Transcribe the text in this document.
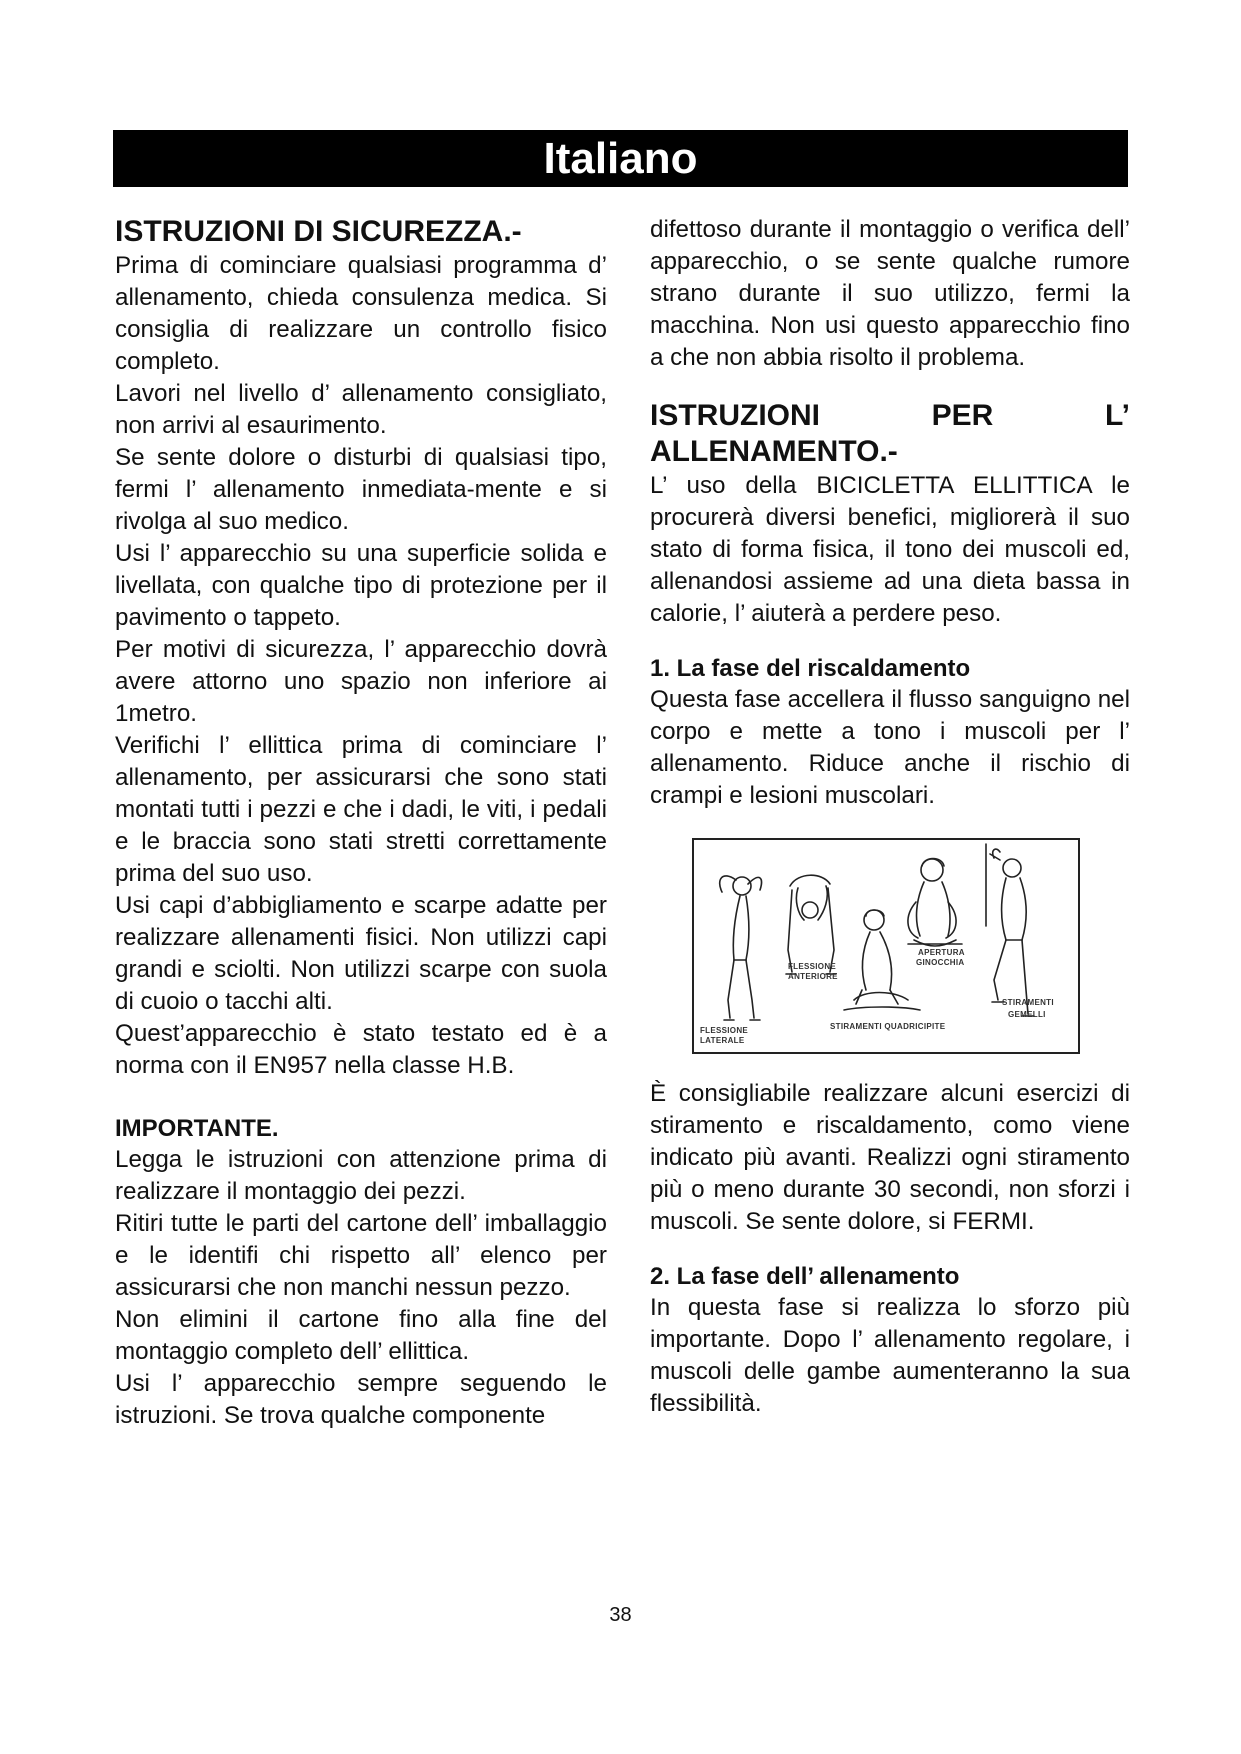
Italiano
ISTRUZIONI DI SICUREZZA.-

Prima di cominciare qualsiasi programma d’ allenamento, chieda consulenza medica. Si consiglia di realizzare un controllo fisico completo.

Lavori nel livello d’ allenamento consigliato, non arrivi al esaurimento.

Se sente dolore o disturbi di qualsiasi tipo, fermi l’ allenamento inmediata-mente e si rivolga al suo medico.

Usi l’ apparecchio su una superficie solida e livellata, con qualche tipo di protezione per il pavimento o tappeto.

Per motivi di sicurezza, l’ apparecchio dovrà avere attorno uno spazio non inferiore ai 1metro.

Verifichi l’ ellittica prima di cominciare l’ allenamento, per assicurarsi che sono stati montati tutti i pezzi e che i dadi, le viti, i pedali e le braccia sono stati stretti correttamente prima del suo uso.

Usi capi d’abbigliamento e scarpe adatte per realizzare allenamenti fisici. Non utilizzi capi grandi e sciolti. Non utilizzi scarpe con suola di cuoio o tacchi alti.

Quest’apparecchio è stato testato ed è a norma con il EN957 nella classe H.B.

IMPORTANTE.

Legga le istruzioni con attenzione prima di realizzare il montaggio dei pezzi.

Ritiri tutte le parti del cartone dell’ imballaggio e le identifi chi rispetto all’ elenco per assicurarsi che non manchi nessun pezzo.

Non elimini il cartone fino alla fine del montaggio completo dell’ ellittica.

Usi l’ apparecchio sempre seguendo le istruzioni. Se trova qualche componente

difettoso durante il montaggio o verifica dell’ apparecchio, o se sente qualche rumore strano durante il suo utilizzo, fermi la macchina. Non usi questo apparecchio fino a che non abbia risolto il problema.

ISTRUZIONI PER L’ ALLENAMENTO.-

L’ uso della BICICLETTA ELLITTICA le procurerà diversi benefici, migliorerà il suo stato di forma fisica, il tono dei muscoli ed, allenandosi assieme ad una dieta bassa in calorie, l’ aiuterà a perdere peso.

1. La fase del riscaldamento

Questa fase accellera il flusso sanguigno nel corpo e mette a tono i muscoli per l’ allenamento. Riduce anche il rischio di crampi e lesioni muscolari.

FLESSIONE
LATERALE
FLESSIONE
ANTERIORE
APERTURA
GINOCCHIA
STIRAMENTI QUADRICIPITE
STIRAMENTI
GEMELLI

È consigliabile realizzare alcuni esercizi di stiramento e riscaldamento, como viene indicato più avanti. Realizzi ogni stiramento più o meno durante 30 secondi, non sforzi i muscoli. Se sente dolore, si FERMI.

2. La fase dell’ allenamento

In questa fase si realizza lo sforzo più importante. Dopo l’ allenamento regolare, i muscoli delle gambe aumenteranno la sua flessibilità.

38
